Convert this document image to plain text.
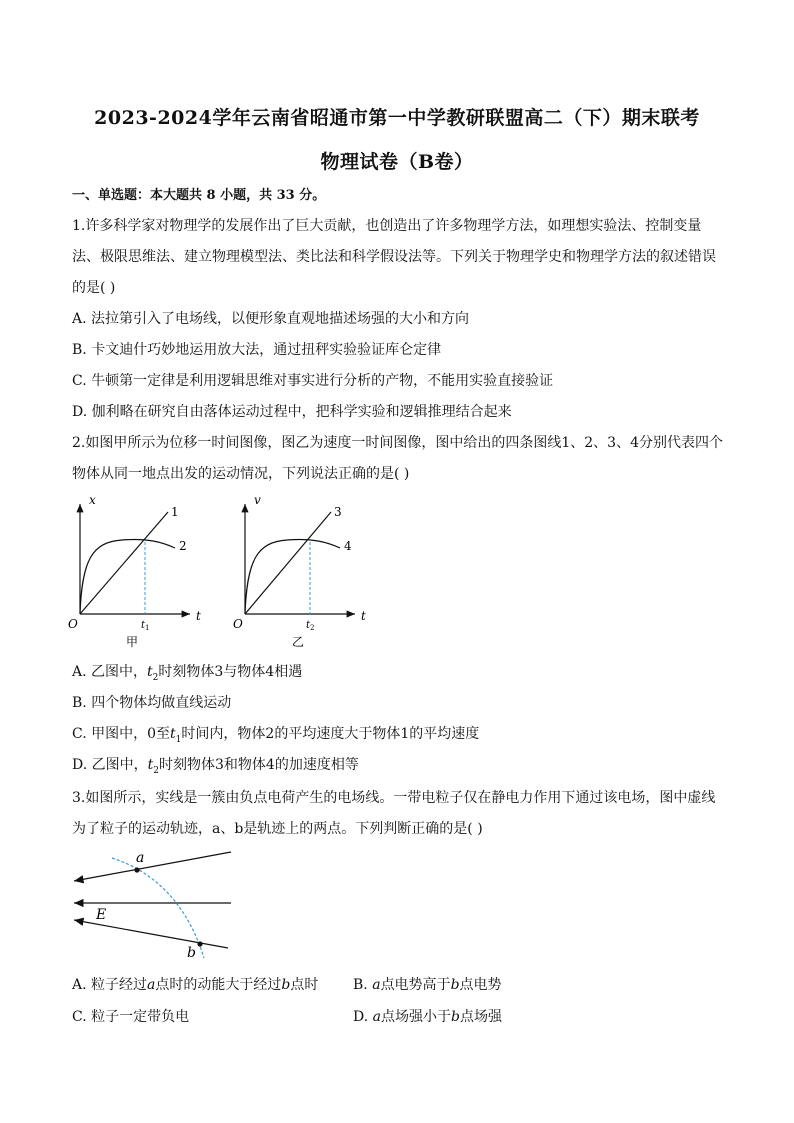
2023-2024学年云南省昭通市第一中学教研联盟高二（下）期末联考
物理试卷（B卷）
一、单选题：本大题共 8 小题，共 33 分。
1.许多科学家对物理学的发展作出了巨大贡献，也创造出了许多物理学方法，如理想实验法、控制变量
法、极限思维法、建立物理模型法、类比法和科学假设法等。下列关于物理学史和物理学方法的叙述错误
的是( )
A. 法拉第引入了电场线，以便形象直观地描述场强的大小和方向
B. 卡文迪什巧妙地运用放大法，通过扭秤实验验证库仑定律
C. 牛顿第一定律是利用逻辑思维对事实进行分析的产物，不能用实验直接验证
D. 伽利略在研究自由落体运动过程中，把科学实验和逻辑推理结合起来
2.如图甲所示为位移一时间图像，图乙为速度一时间图像，图中给出的四条图线1、2、3、4分别代表四个
物体从同一地点出发的运动情况，下列说法正确的是( )
x
t
O
1
2
t 1
甲
v
t
O
3
4
t 2
乙
A. 乙图中，$t_2$时刻物体3与物体4相遇
B. 四个物体均做直线运动
C. 甲图中，0至$t_1$时间内，物体2的平均速度大于物体1的平均速度
D. 乙图中，$t_2$时刻物体3和物体4的加速度相等
3.如图所示，实线是一簇由负点电荷产生的电场线。一带电粒子仅在静电力作用下通过该电场，图中虚线
为了粒子的运动轨迹，a、b是轨迹上的两点。下列判断正确的是( )
a
b
E
A. 粒子经过a点时的动能大于经过b点时	B. a点电势高于b点电势
C. 粒子一定带负电	D. a点场强小于b点场强
